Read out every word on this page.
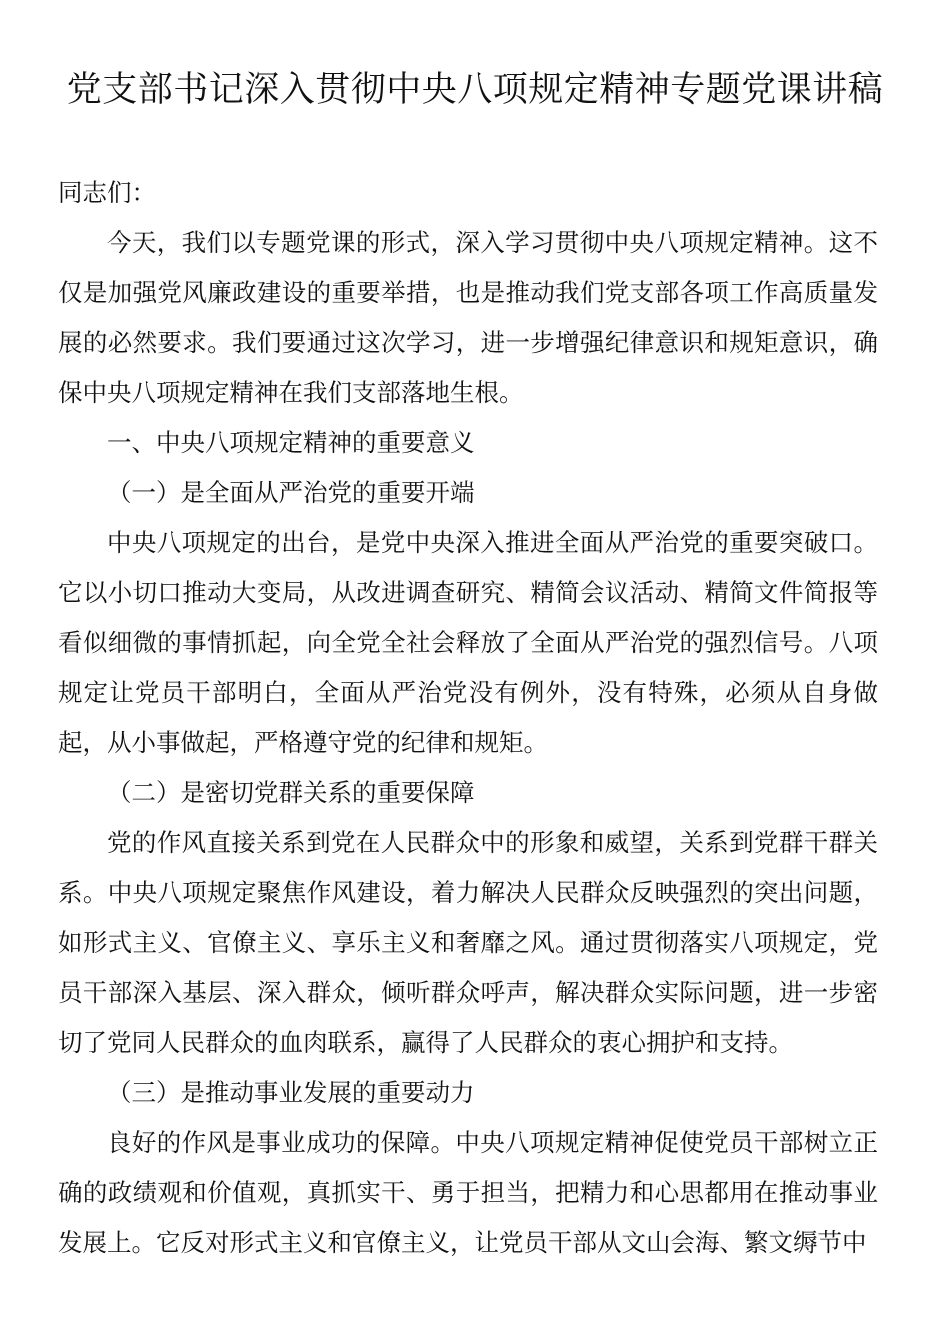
党支部书记深入贯彻中央八项规定精神专题党课讲稿

同志们：

今天，我们以专题党课的形式，深入学习贯彻中央八项规定精神。这不仅是加强党风廉政建设的重要举措，也是推动我们党支部各项工作高质量发展的必然要求。我们要通过这次学习，进一步增强纪律意识和规矩意识，确保中央八项规定精神在我们支部落地生根。

一、中央八项规定精神的重要意义

（一）是全面从严治党的重要开端

中央八项规定的出台，是党中央深入推进全面从严治党的重要突破口。它以小切口推动大变局，从改进调查研究、精简会议活动、精简文件简报等看似细微的事情抓起，向全党全社会释放了全面从严治党的强烈信号。八项规定让党员干部明白，全面从严治党没有例外，没有特殊，必须从自身做起，从小事做起，严格遵守党的纪律和规矩。

（二）是密切党群关系的重要保障

党的作风直接关系到党在人民群众中的形象和威望，关系到党群干群关系。中央八项规定聚焦作风建设，着力解决人民群众反映强烈的突出问题，如形式主义、官僚主义、享乐主义和奢靡之风。通过贯彻落实八项规定，党员干部深入基层、深入群众，倾听群众呼声，解决群众实际问题，进一步密切了党同人民群众的血肉联系，赢得了人民群众的衷心拥护和支持。

（三）是推动事业发展的重要动力

良好的作风是事业成功的保障。中央八项规定精神促使党员干部树立正确的政绩观和价值观，真抓实干、勇于担当，把精力和心思都用在推动事业发展上。它反对形式主义和官僚主义，让党员干部从文山会海、繁文缛节中
